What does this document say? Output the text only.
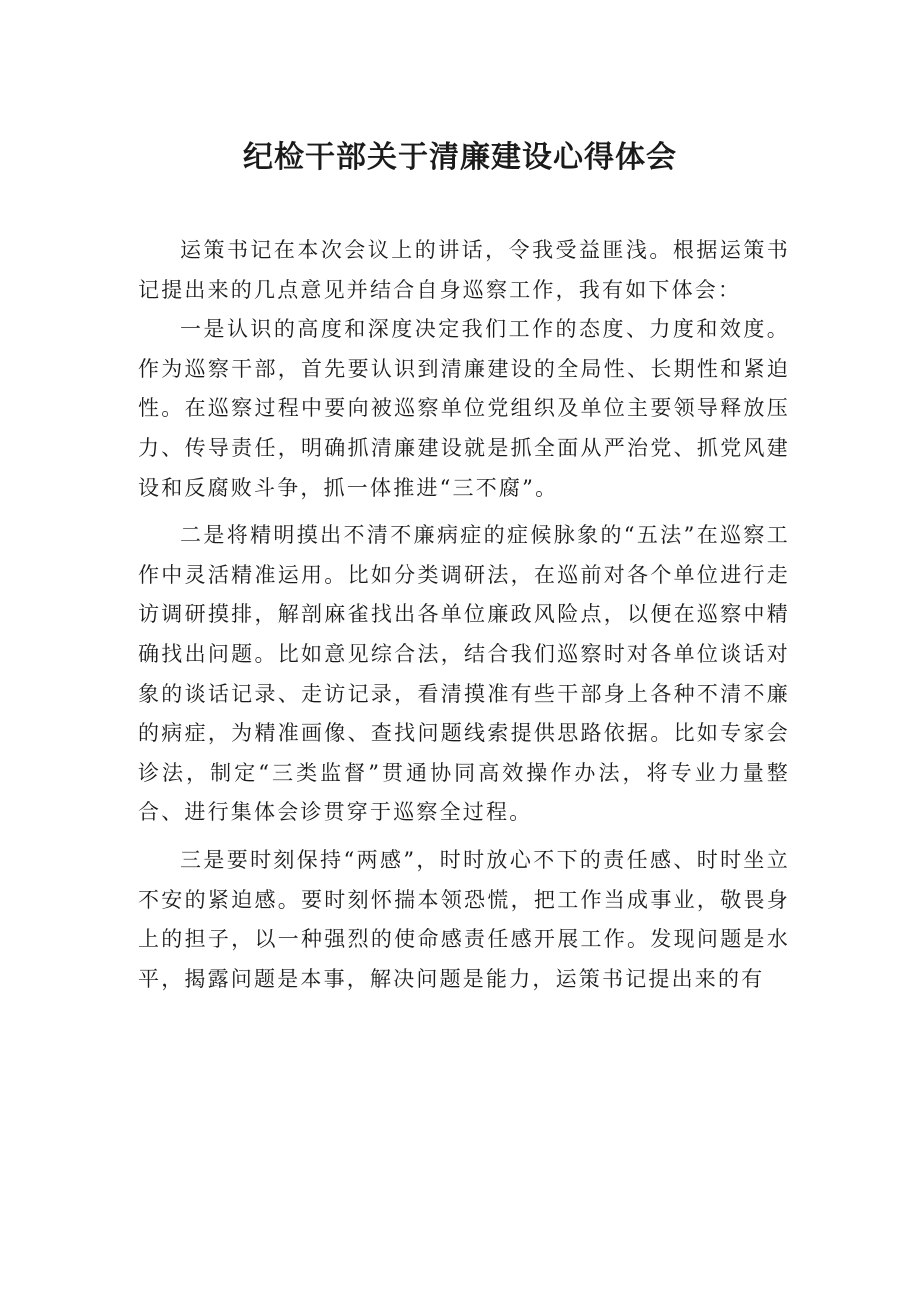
纪检干部关于清廉建设心得体会

运策书记在本次会议上的讲话，令我受益匪浅。根据运策书记提出来的几点意见并结合自身巡察工作，我有如下体会：

一是认识的高度和深度决定我们工作的态度、力度和效度。作为巡察干部，首先要认识到清廉建设的全局性、长期性和紧迫性。在巡察过程中要向被巡察单位党组织及单位主要领导释放压力、传导责任，明确抓清廉建设就是抓全面从严治党、抓党风建设和反腐败斗争，抓一体推进“三不腐”。

二是将精明摸出不清不廉病症的症候脉象的“五法”在巡察工作中灵活精准运用。比如分类调研法，在巡前对各个单位进行走访调研摸排，解剖麻雀找出各单位廉政风险点，以便在巡察中精确找出问题。比如意见综合法，结合我们巡察时对各单位谈话对象的谈话记录、走访记录，看清摸准有些干部身上各种不清不廉的病症，为精准画像、查找问题线索提供思路依据。比如专家会诊法，制定“三类监督”贯通协同高效操作办法，将专业力量整合、进行集体会诊贯穿于巡察全过程。

三是要时刻保持“两感”，时时放心不下的责任感、时时坐立不安的紧迫感。要时刻怀揣本领恐慌，把工作当成事业，敬畏身上的担子，以一种强烈的使命感责任感开展工作。发现问题是水平，揭露问题是本事，解决问题是能力，运策书记提出来的有
